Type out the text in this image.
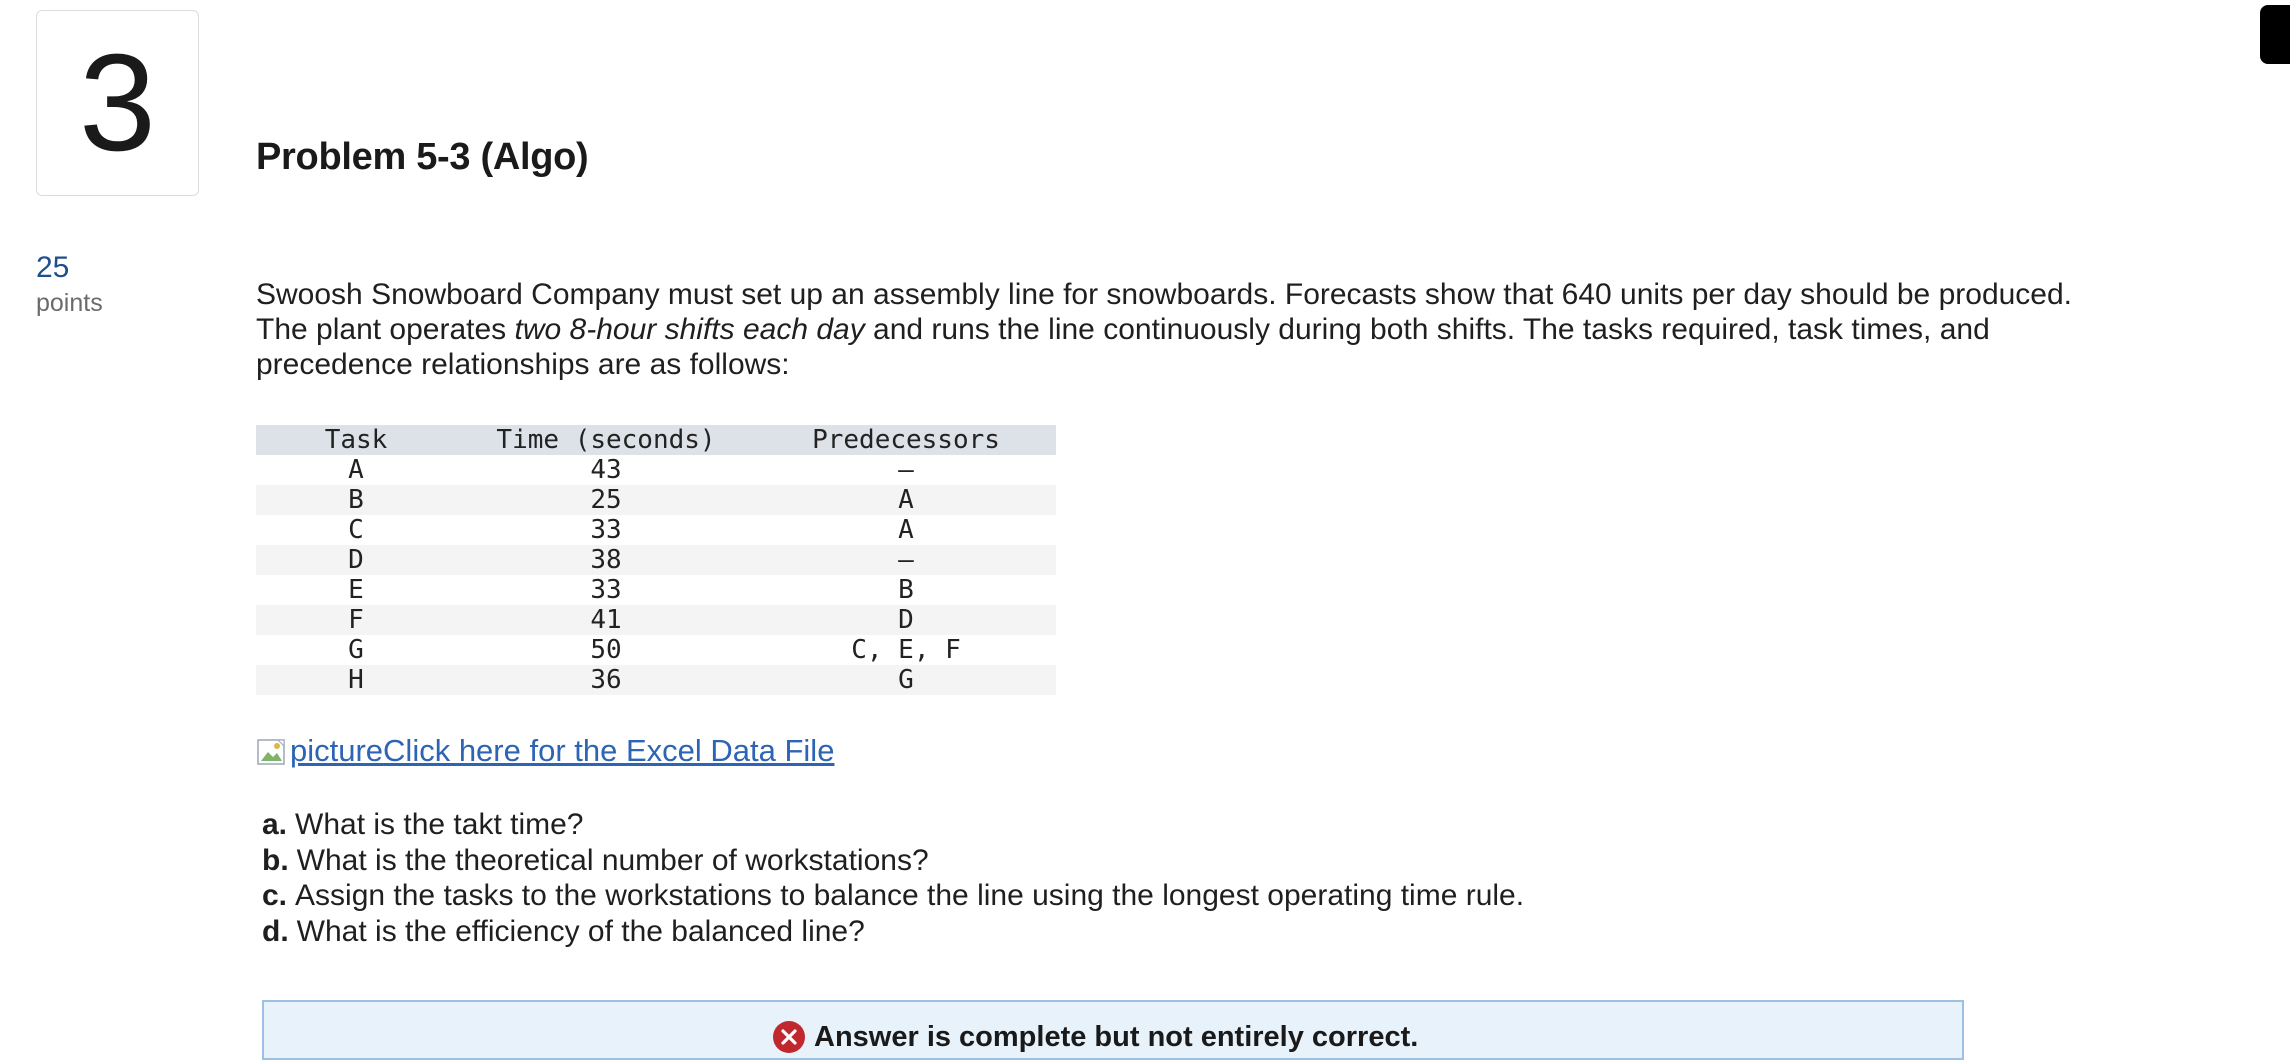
3	Problem 5-3 (Algo)
25
points	Swoosh Snowboard Company must set up an assembly line for snowboards. Forecasts show that 640 units per day should be produced. The plant operates two 8-hour shifts each day and runs the line continuously during both shifts. The tasks required, task times, and precedence relationships are as follows:

Task	Time (seconds)	Predecessors
A	43	—
B	25	A
C	33	A
D	38	—
E	33	B
F	41	D
G	50	C, E, F
H	36	G
picture Click here for the Excel Data File
a. What is the takt time?
b. What is the theoretical number of workstations?
c. Assign the tasks to the workstations to balance the line using the longest operating time rule.
d. What is the efficiency of the balanced line?
Answer is complete but not entirely correct.
